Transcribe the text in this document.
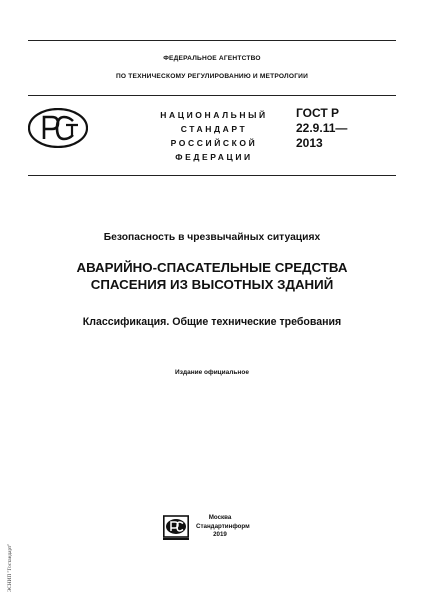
ФЕДЕРАЛЬНОЕ АГЕНТСТВО
ПО ТЕХНИЧЕСКОМУ РЕГУЛИРОВАНИЮ И МЕТРОЛОГИИ
НАЦИОНАЛЬНЫЙ
СТАНДАРТ
РОССИЙСКОЙ
ФЕДЕРАЦИИ
ГОСТ Р
22.9.11—
2013
Безопасность в чрезвычайных ситуациях
АВАРИЙНО-СПАСАТЕЛЬНЫЕ СРЕДСТВА
СПАСЕНИЯ ИЗ ВЫСОТНЫХ ЗДАНИЙ
Классификация. Общие технические требования
Издание официальное
Москва
Стандартинформ
2019
ЭСНИП "Гостандарт"
